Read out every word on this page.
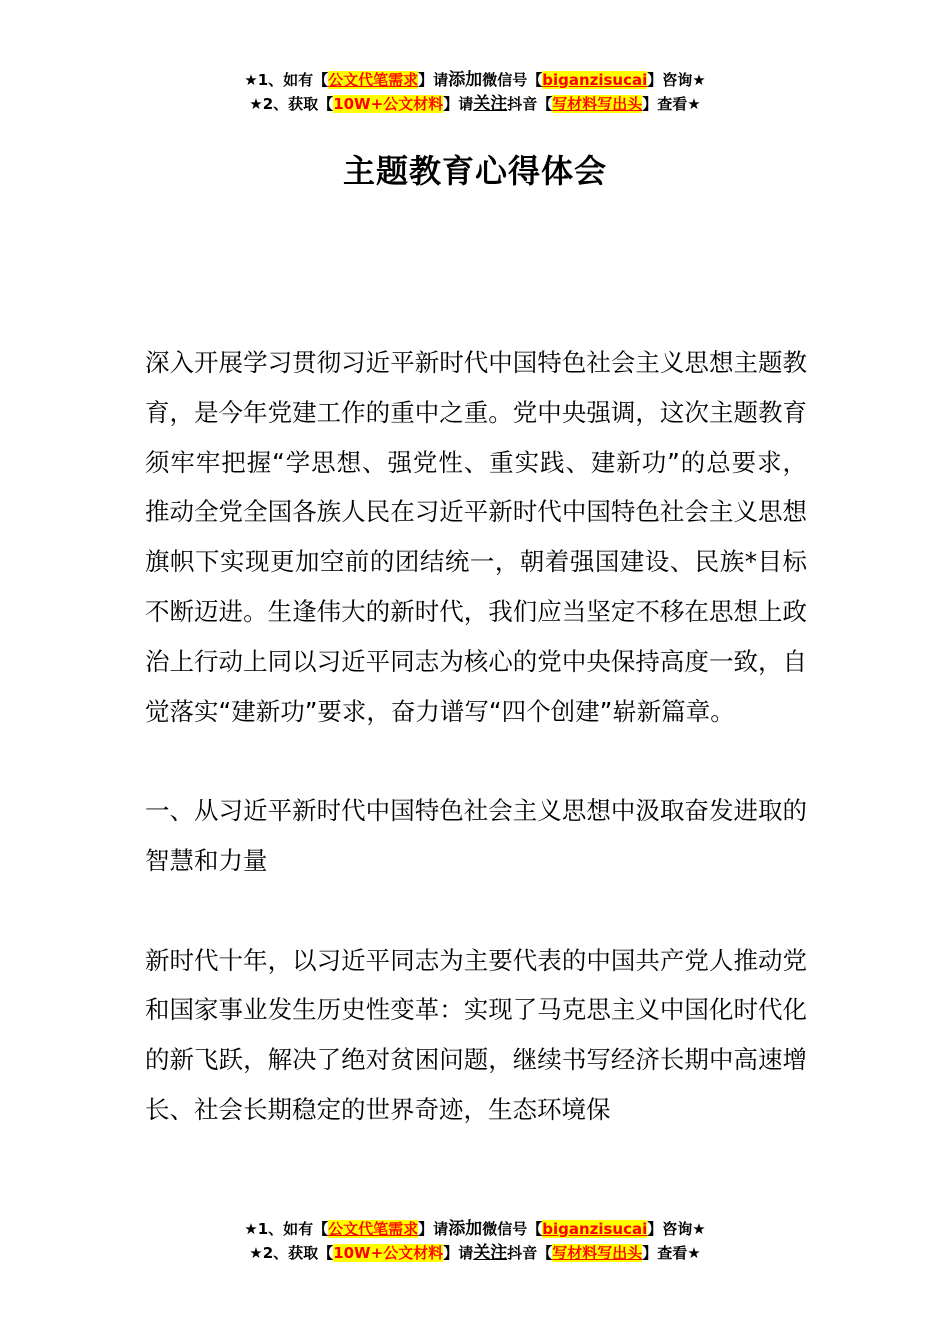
★1、如有【公文代笔需求】请添加微信号【biganzisucai】咨询★
★2、获取【10W+公文材料】请关注抖音【写材料写出头】查看★
主题教育心得体会

深入开展学习贯彻习近平新时代中国特色社会主义思想主题教育，是今年党建工作的重中之重。党中央强调，这次主题教育须牢牢把握“学思想、强党性、重实践、建新功”的总要求，推动全党全国各族人民在习近平新时代中国特色社会主义思想旗帜下实现更加空前的团结统一，朝着强国建设、民族*目标不断迈进。生逢伟大的新时代，我们应当坚定不移在思想上政治上行动上同以习近平同志为核心的党中央保持高度一致，自觉落实“建新功”要求，奋力谱写“四个创建”崭新篇章。

一、从习近平新时代中国特色社会主义思想中汲取奋发进取的智慧和力量

新时代十年，以习近平同志为主要代表的中国共产党人推动党和国家事业发生历史性变革：实现了马克思主义中国化时代化的新飞跃，解决了绝对贫困问题，继续书写经济长期中高速增长、社会长期稳定的世界奇迹，生态环境保

★1、如有【公文代笔需求】请添加微信号【biganzisucai】咨询★
★2、获取【10W+公文材料】请关注抖音【写材料写出头】查看★
